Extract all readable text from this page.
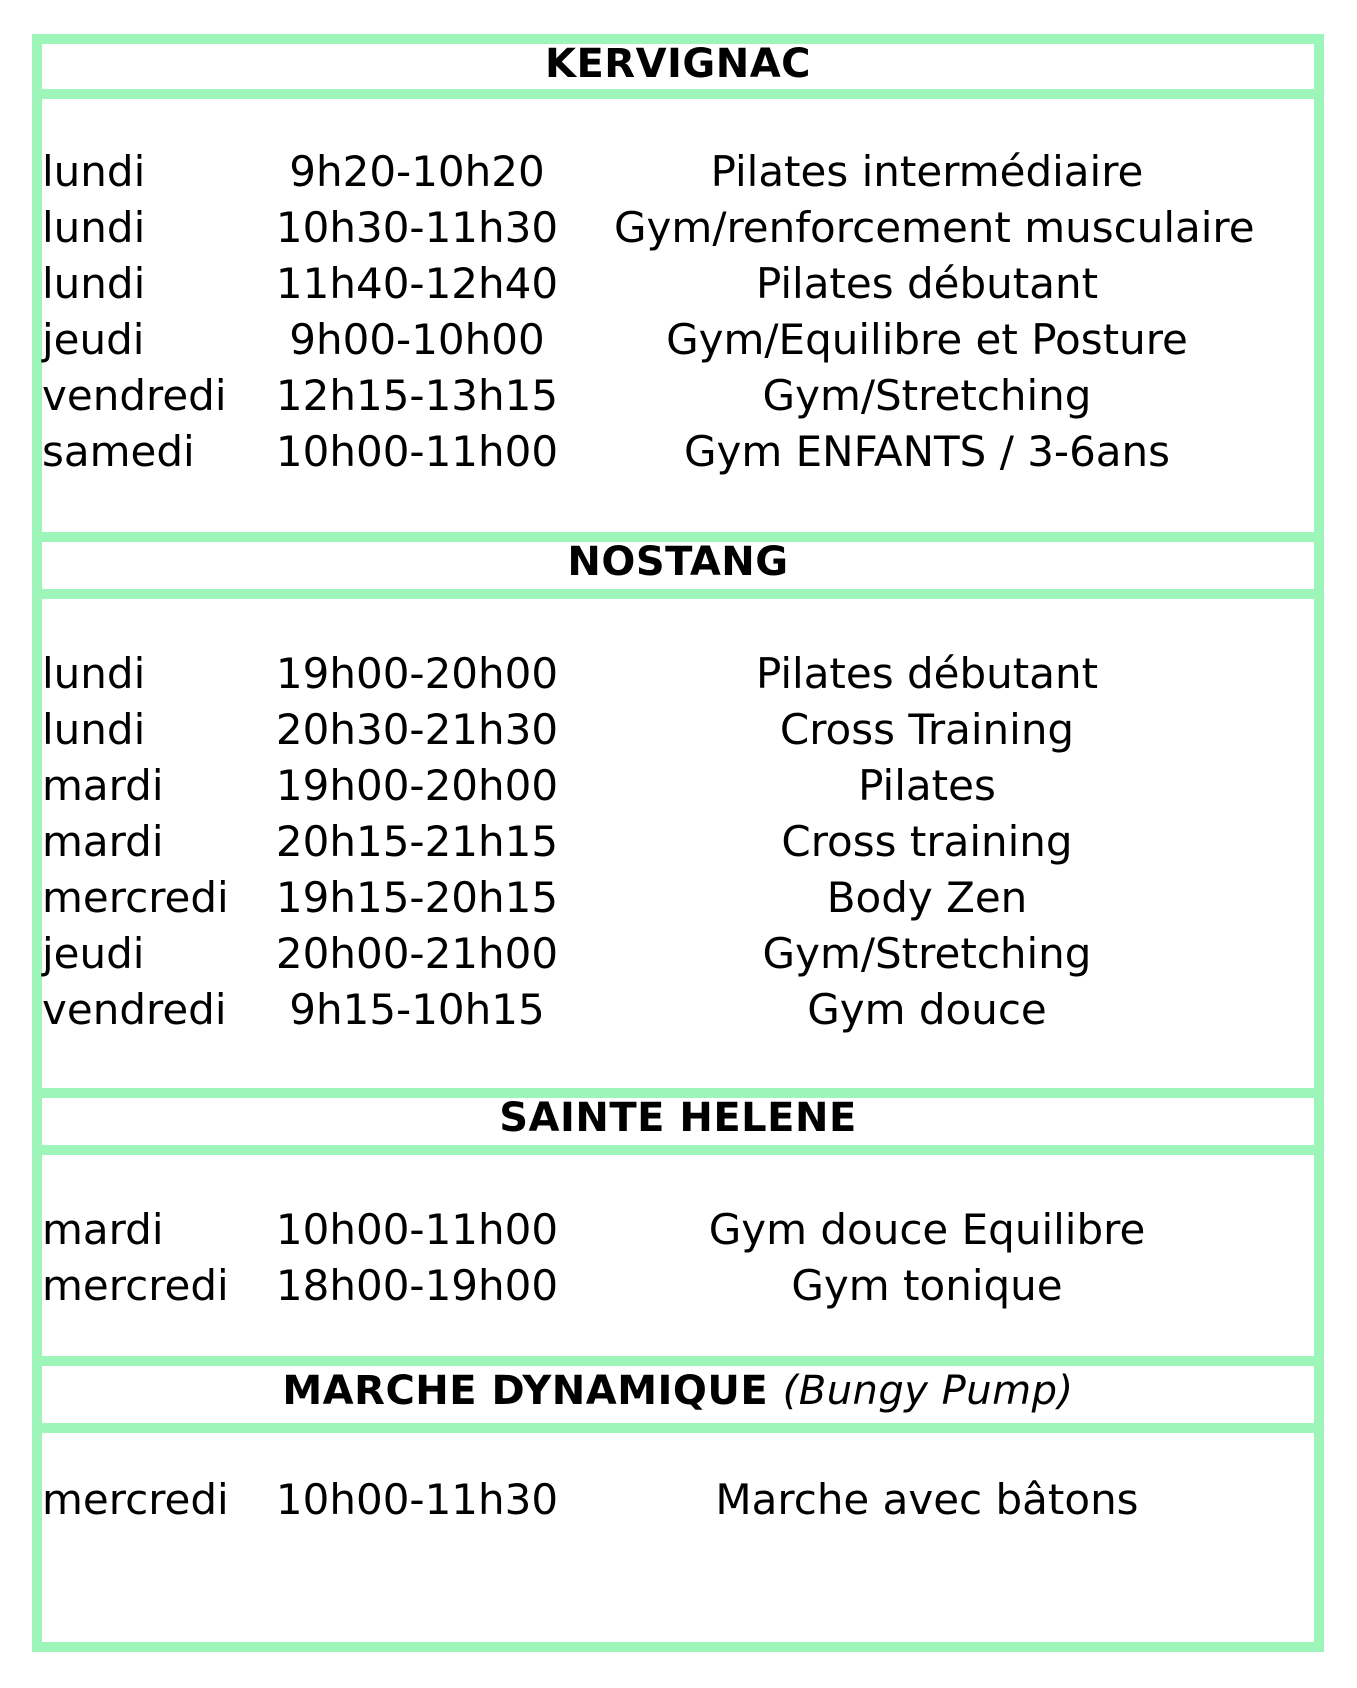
KERVIGNAC
lundi	9h20-10h20	Pilates intermédiaire
lundi	10h30-11h30	Gym/renforcement musculaire
lundi	11h40-12h40	Pilates débutant
jeudi	9h00-10h00	Gym/Equilibre et Posture
vendredi	12h15-13h15	Gym/Stretching
samedi	10h00-11h00	Gym ENFANTS / 3-6ans
NOSTANG
lundi	19h00-20h00	Pilates débutant
lundi	20h30-21h30	Cross Training
mardi	19h00-20h00	Pilates
mardi	20h15-21h15	Cross training
mercredi	19h15-20h15	Body Zen
jeudi	20h00-21h00	Gym/Stretching
vendredi	9h15-10h15	Gym douce
SAINTE HELENE
mardi	10h00-11h00	Gym douce Equilibre
mercredi	18h00-19h00	Gym tonique
MARCHE DYNAMIQUE (Bungy Pump)
mercredi	10h00-11h30	Marche avec bâtons
